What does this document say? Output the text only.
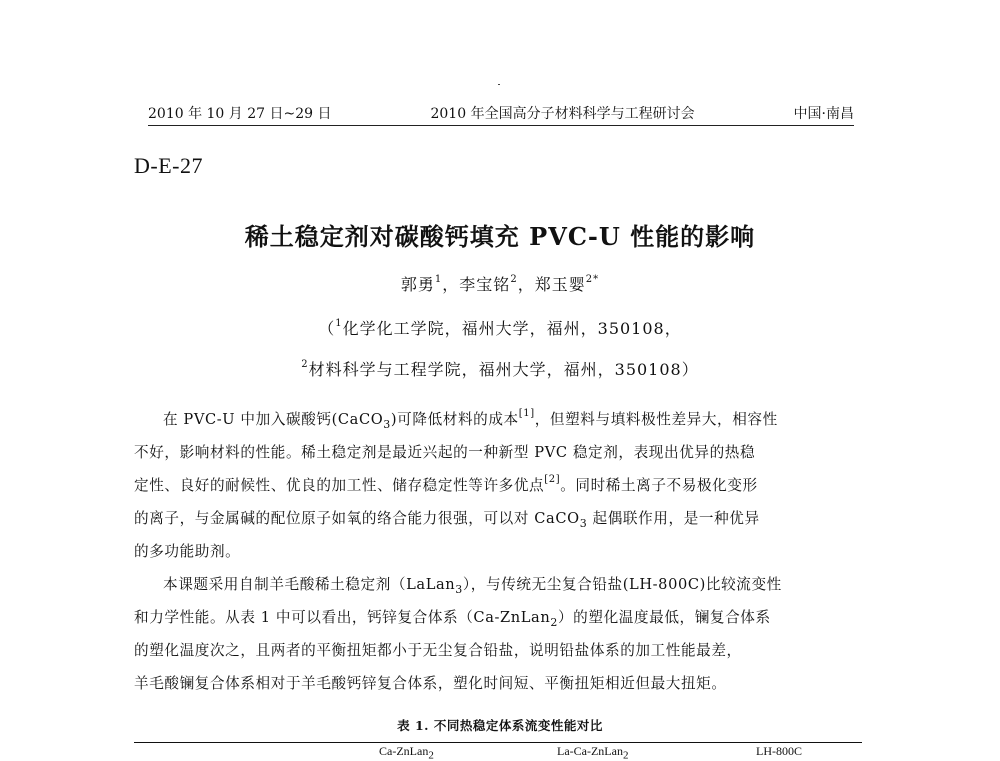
2010 年 10 月 27 日~29 日	2010 年全国高分子材料科学与工程研讨会	中国·南昌
D-E-27
稀土稳定剂对碳酸钙填充 PVC-U 性能的影响
郭勇$^1$，李宝铭$^2$，郑玉婴$^{2*}$
（$^1$化学化工学院，福州大学，福州，350108，
$^2$材料科学与工程学院，福州大学，福州，350108）
在 PVC-U 中加入碳酸钙(CaCO$_3$)可降低材料的成本[1]，但塑料与填料极性差异大，相容性
不好，影响材料的性能。稀土稳定剂是最近兴起的一种新型 PVC 稳定剂，表现出优异的热稳
定性、良好的耐候性、优良的加工性、储存稳定性等许多优点[2]。同时稀土离子不易极化变形
的离子，与金属碱的配位原子如氧的络合能力很强，可以对 CaCO$_3$ 起偶联作用，是一种优异
的多功能助剂。
本课题采用自制羊毛酸稀土稳定剂（LaLan$_3$），与传统无尘复合铅盐(LH-800C)比较流变性
和力学性能。从表 1 中可以看出，钙锌复合体系（Ca-ZnLan$_2$）的塑化温度最低，镧复合体系
的塑化温度次之，且两者的平衡扭矩都小于无尘复合铅盐，说明铅盐体系的加工性能最差，
羊毛酸镧复合体系相对于羊毛酸钙锌复合体系，塑化时间短、平衡扭矩相近但最大扭矩。
表 1. 不同热稳定体系流变性能对比
Ca-ZnLan2	La-Ca-ZnLan2	LH-800C
